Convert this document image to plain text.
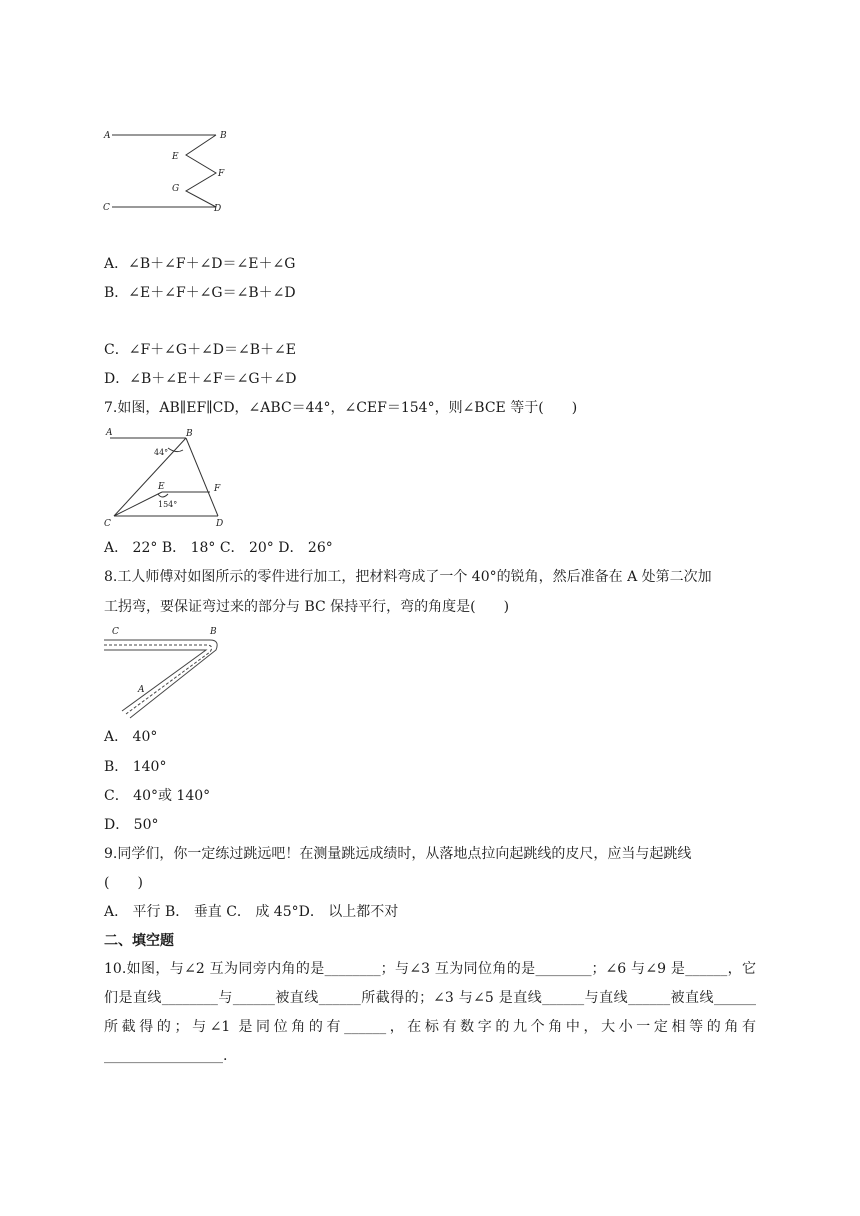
A	B
E
F
G
C	D
A．∠B＋∠F＋∠D＝∠E＋∠G
B．∠E＋∠F＋∠G＝∠B＋∠D
C．∠F＋∠G＋∠D＝∠B＋∠E
D．∠B＋∠E＋∠F＝∠G＋∠D
7.如图，AB∥EF∥CD，∠ABC＝44°，∠CEF＝154°，则∠BCE 等于(　　)
A	B
E	F
C	D
44°
154°
A． 22° B． 18° C． 20° D． 26°
8.工人师傅对如图所示的零件进行加工，把材料弯成了一个 40°的锐角，然后准备在 A 处第二次加
工拐弯，要保证弯过来的部分与 BC 保持平行，弯的角度是(　　)
C	B
A
A． 40°
B． 140°
C． 40°或 140°
D． 50°
9.同学们，你一定练过跳远吧！在测量跳远成绩时，从落地点拉向起跳线的皮尺，应当与起跳线
(　　)
A． 平行 B． 垂直 C． 成 45°D． 以上都不对
二、填空题
10.如图，与∠2 互为同旁内角的是________；与∠3 互为同位角的是________；∠6 与∠9 是______，它们是直线________与______被直线______所截得的；∠3 与∠5 是直线______与直线______被直线______所截得的；与∠1 是同位角的有______，在标有数字的九个角中，大小一定相等的角有_________________.
